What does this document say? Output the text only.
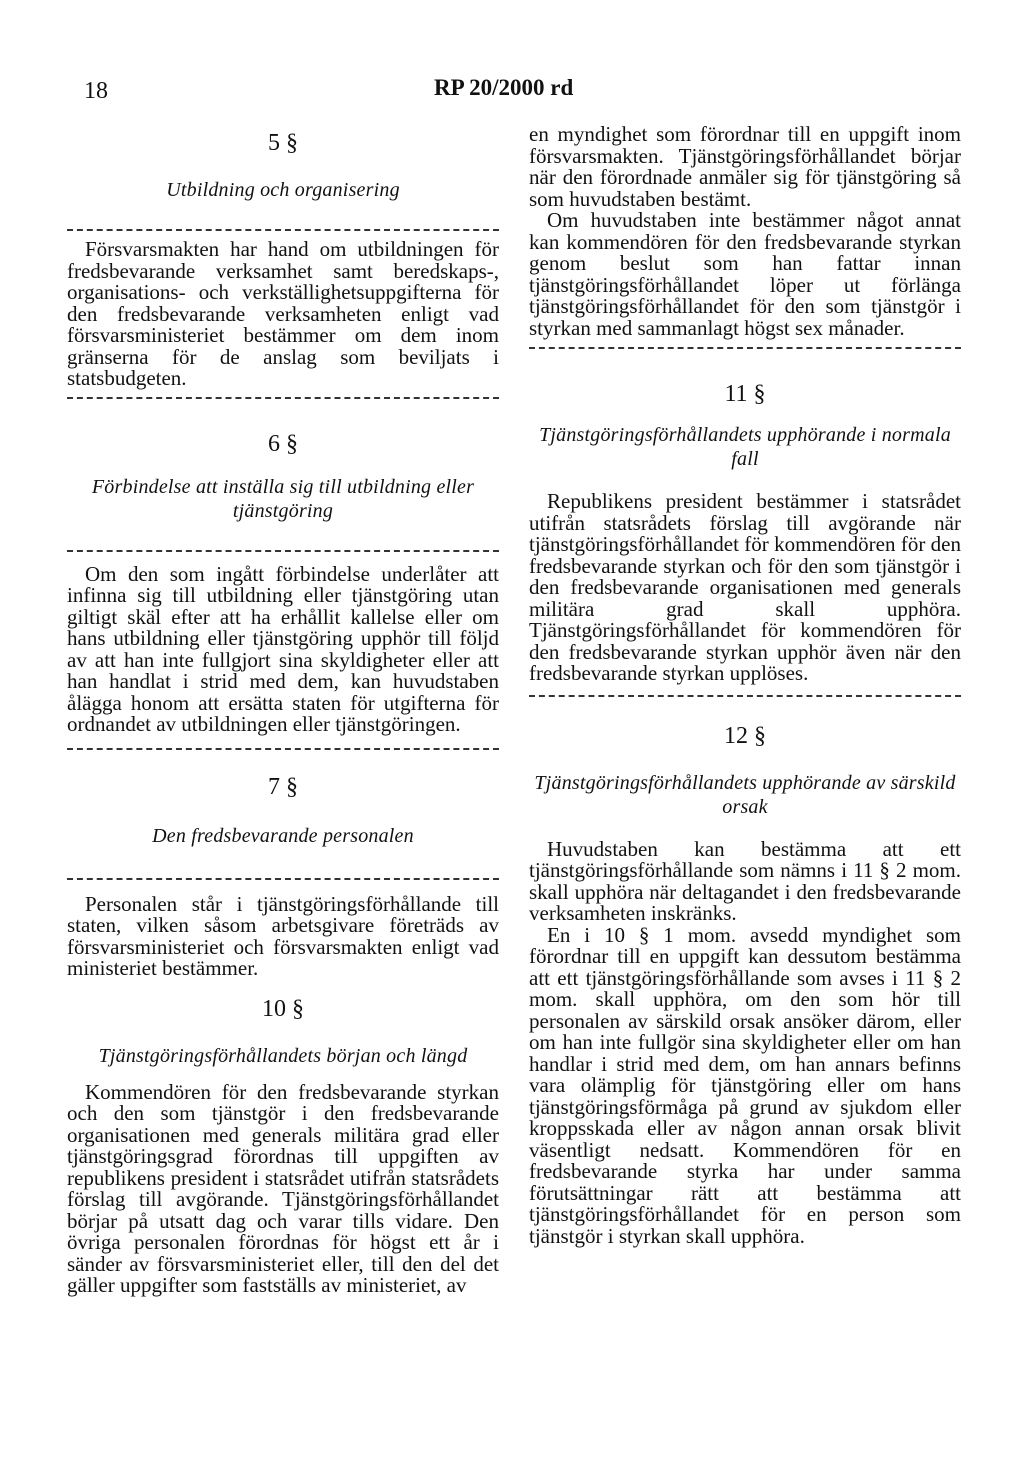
18	RP 20/2000 rd
5 §
Utbildning och organisering

Försvarsmakten har hand om utbildningen för fredsbevarande verksamhet samt beredskaps-, organisations- och verkställighetsuppgifterna för den fredsbevarande verksamheten enligt vad försvarsministeriet bestämmer om dem inom gränserna för de anslag som beviljats i statsbudgeten.

6 §
Förbindelse att inställa sig till utbildning eller tjänstgöring

Om den som ingått förbindelse underlåter att infinna sig till utbildning eller tjänstgöring utan giltigt skäl efter att ha erhållit kallelse eller om hans utbildning eller tjänstgöring upphör till följd av att han inte fullgjort sina skyldigheter eller att han handlat i strid med dem, kan huvudstaben ålägga honom att ersätta staten för utgifterna för ordnandet av utbildningen eller tjänstgöringen.

7 §
Den fredsbevarande personalen

Personalen står i tjänstgöringsförhållande till staten, vilken såsom arbetsgivare företräds av försvarsministeriet och försvarsmakten enligt vad ministeriet bestämmer.

10 §
Tjänstgöringsförhållandets början och längd

Kommendören för den fredsbevarande styrkan och den som tjänstgör i den fredsbevarande organisationen med generals militära grad eller tjänstgöringsgrad förordnas till uppgiften av republikens president i statsrådet utifrån statsrådets förslag till avgörande. Tjänstgöringsförhållandet börjar på utsatt dag och varar tills vidare. Den övriga personalen förordnas för högst ett år i sänder av försvarsministeriet eller, till den del det gäller uppgifter som fastställs av ministeriet, av

en myndighet som förordnar till en uppgift inom försvarsmakten. Tjänstgöringsförhållandet börjar när den förordnade anmäler sig för tjänstgöring så som huvudstaben bestämt.

Om huvudstaben inte bestämmer något annat kan kommendören för den fredsbevarande styrkan genom beslut som han fattar innan tjänstgöringsförhållandet löper ut förlänga tjänstgöringsförhållandet för den som tjänstgör i styrkan med sammanlagt högst sex månader.

11 §
Tjänstgöringsförhållandets upphörande i normala fall

Republikens president bestämmer i statsrådet utifrån statsrådets förslag till avgörande när tjänstgöringsförhållandet för kommendören för den fredsbevarande styrkan och för den som tjänstgör i den fredsbevarande organisationen med generals militära grad skall upphöra. Tjänstgöringsförhållandet för kommendören för den fredsbevarande styrkan upphör även när den fredsbevarande styrkan upplöses.

12 §
Tjänstgöringsförhållandets upphörande av särskild orsak

Huvudstaben kan bestämma att ett tjänstgöringsförhållande som nämns i 11 § 2 mom. skall upphöra när deltagandet i den fredsbevarande verksamheten inskränks.

En i 10 § 1 mom. avsedd myndighet som förordnar till en uppgift kan dessutom bestämma att ett tjänstgöringsförhållande som avses i 11 § 2 mom. skall upphöra, om den som hör till personalen av särskild orsak ansöker därom, eller om han inte fullgör sina skyldigheter eller om han handlar i strid med dem, om han annars befinns vara olämplig för tjänstgöring eller om hans tjänstgöringsförmåga på grund av sjukdom eller kroppsskada eller av någon annan orsak blivit väsentligt nedsatt. Kommendören för en fredsbevarande styrka har under samma förutsättningar rätt att bestämma att tjänstgöringsförhållandet för en person som tjänstgör i styrkan skall upphöra.
